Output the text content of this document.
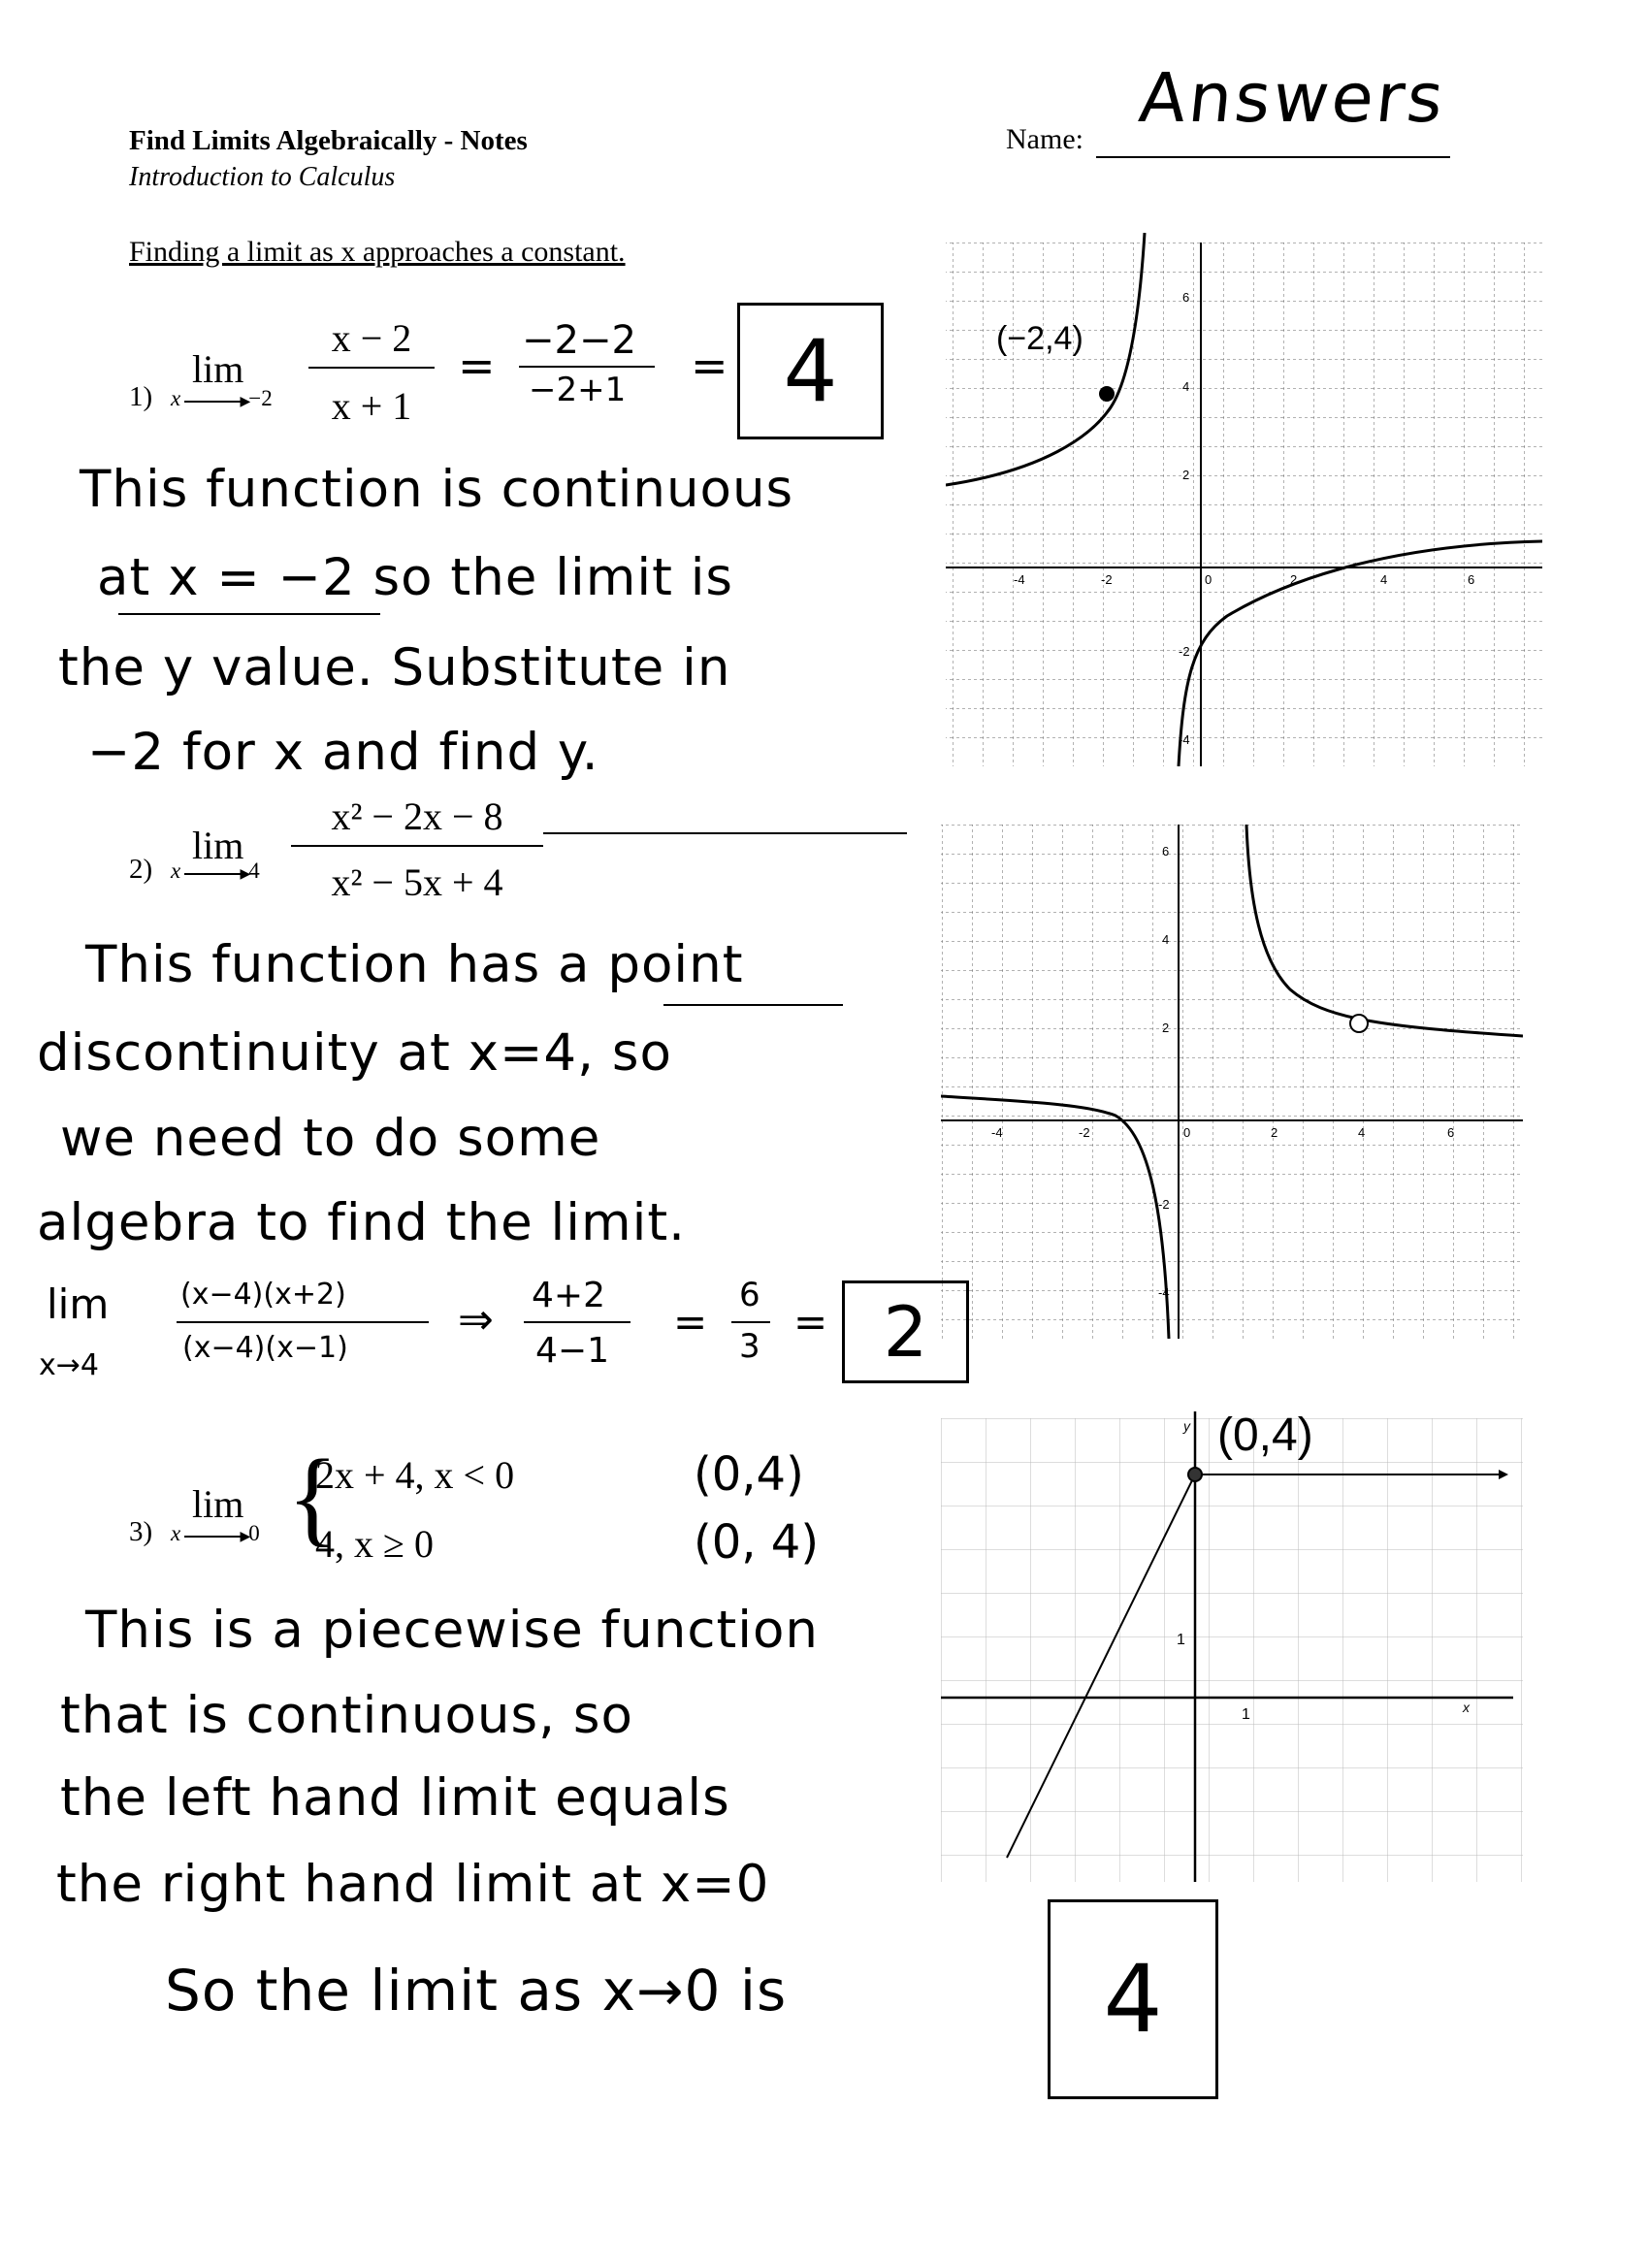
Find Limits Algebraically - Notes
Introduction to Calculus
Name:
Answers
Finding a limit as x approaches a constant.
1)
lim
x	▶
−2
x − 2
x + 1
= −2−2
−2+1 = 4
This function is continuous
at x = −2 so the limit is
the y value. Substitute in
−2 for x and find y.
2)
lim
x	▶
4
x² − 2x − 8
x² − 5x + 4
This function has a point
discontinuity at x=4, so
we need to do some
algebra to find the limit.
lim
x→4
(x−4)(x+2)
(x−4)(x−1)
⇒ 4+2
4−1
=
6
3
= 2
3)
lim
x	▶
0 {
2x + 4, x < 0
4, x ≥ 0
(0,4)
(0, 4)
This is a piecewise function
that is continuous, so
the left hand limit equals
the right hand limit at x=0
So the limit as x→0 is	4
-4	-2	0	2	4	6
6
4
2
-2
-4
(−2,4)
-4	-2	0	2	4	6
6
4
2
-2
-4
y
x
1
1
(0,4)
